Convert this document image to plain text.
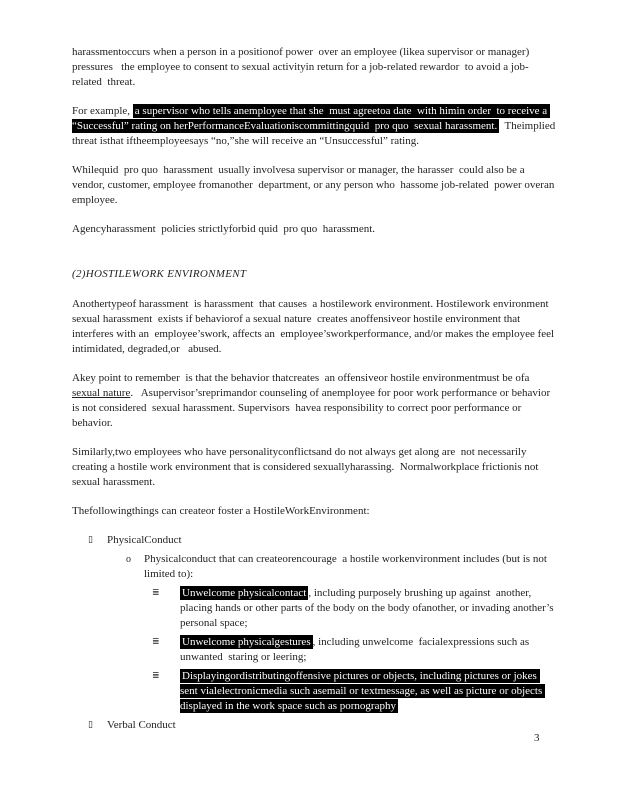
harassmentoccurs when a person in a positionof power  over an employee (likea supervisor or manager) pressures   the employee to consent to sexual activityin return for a job-related rewardor  to avoid a job-related  threat.
For example, a supervisor who tells anemployee that she  must agreetoa date  with himin order  to receive a “Successful” rating on herPerformanceEvaluationiscommittingquid  pro quo  sexual harassment.  Theimplied threat isthat iftheemployeesays “no,”she will receive an “Unsuccessful” rating.
Whilequid  pro quo  harassment  usually involvesa supervisor or manager, the harasser  could also be a vendor, customer, employee fromanother  department, or any person who  hassome job-related  power overan employee.
Agencyharassment  policies strictlyforbid quid  pro quo  harassment.
(2)HOSTILEWORK ENVIRONMENT
Anothertypeof harassment  is harassment  that causes  a hostilework environment. Hostilework environment sexual harassment  exists if behaviorof a sexual nature  creates anoffensiveor hostile environment that interferes with an  employee’swork, affects an  employee’sworkperformance, and/or makes the employee feel intimidated, degraded,or   abused.
Akey point to remember  is that the behavior thatcreates  an offensiveor hostile environmentmust be ofa sexual nature.   Asupervisor’sreprimandor counseling of anemployee for poor work performance or behavior is not considered  sexual harassment. Supervisors  havea responsibility to correct poor performance or behavior.
Similarly,two employees who have personalityconflictsand do not always get along are  not necessarily creating a hostile work environment that is considered sexuallyharassing.  Normalworkplace frictionis not sexual harassment.
Thefollowingthings can createor foster a HostileWorkEnvironment:
▯	PhysicalConduct
o	Physicalconduct that can createorencourage  a hostile workenvironment includes (but is not limited to):
≣	Unwelcome physicalcontact , including purposely brushing up against  another, placing hands or other parts of the body on the body ofanother, or invading another’s personal space;
≣	Unwelcome physicalgestures , including unwelcome  facialexpressions such as unwanted  staring or leering;
≣	Displayingordistributingoffensive pictures or objects, including pictures or jokes sent vialelectronicmedia such asemail or textmessage, as well as picture or objects displayed in the work space such as pornography
▯	Verbal Conduct
3
